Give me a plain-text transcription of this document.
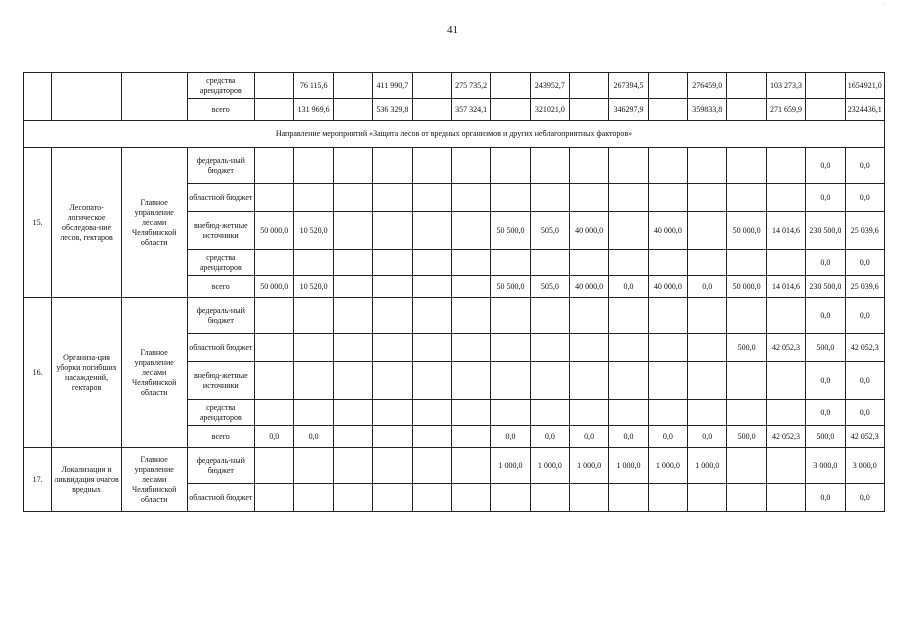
41
·
			средства арендаторов		76 115,6		411 990,7		275 735,2		243952,7		267394,5		276459,0		103 273,3		1654921,0
			всего		131 969,6		536 329,8		357 324,1		321021,0		346297,9		359833,8		271 659,9		2324436,1
Направление мероприятий «Защита лесов от вредных организмов и других неблагоприятных факторов»																			
15.	Лесопато-логическое обследова-ние лесов, гектаров	Главное управление лесами Челябинской области	федераль-ный бюджет															0,0	0,0
			областной бюджет															0,0	0,0
			внебюд-жетные источники	50 000,0	10 520,0					50 500,0	505,0	40 000,0		40 000,0		50 000,0	14 014,6	230 500,0	25 039,6
			средства арендаторов															0,0	0,0
			всего	50 000,0	10 520,0					50 500,0	505,0	40 000,0	0,0	40 000,0	0,0	50 000,0	14 014,6	230 500,0	25 039,6
16.	Организа-ция уборки погибших насаждений, гектаров	Главное управление лесами Челябинской области	федераль-ный бюджет															0,0	0,0
			областной бюджет													500,0	42 052,3	500,0	42 052,3
			внебюд-жетные источники															0,0	0,0
			средства арендаторов															0,0	0,0
			всего	0,0	0,0					0,0	0,0	0,0	0,0	0,0	0,0	500,0	42 052,3	500,0	42 052,3
17.	Локализация и ликвидация очагов вредных	Главное управление лесами Челябинской области	федераль-ный бюджет							1 000,0	1 000,0	1 000,0	1 000,0	1 000,0	1 000,0			3 000,0	3 000,0
			областной бюджет															0,0	0,0
